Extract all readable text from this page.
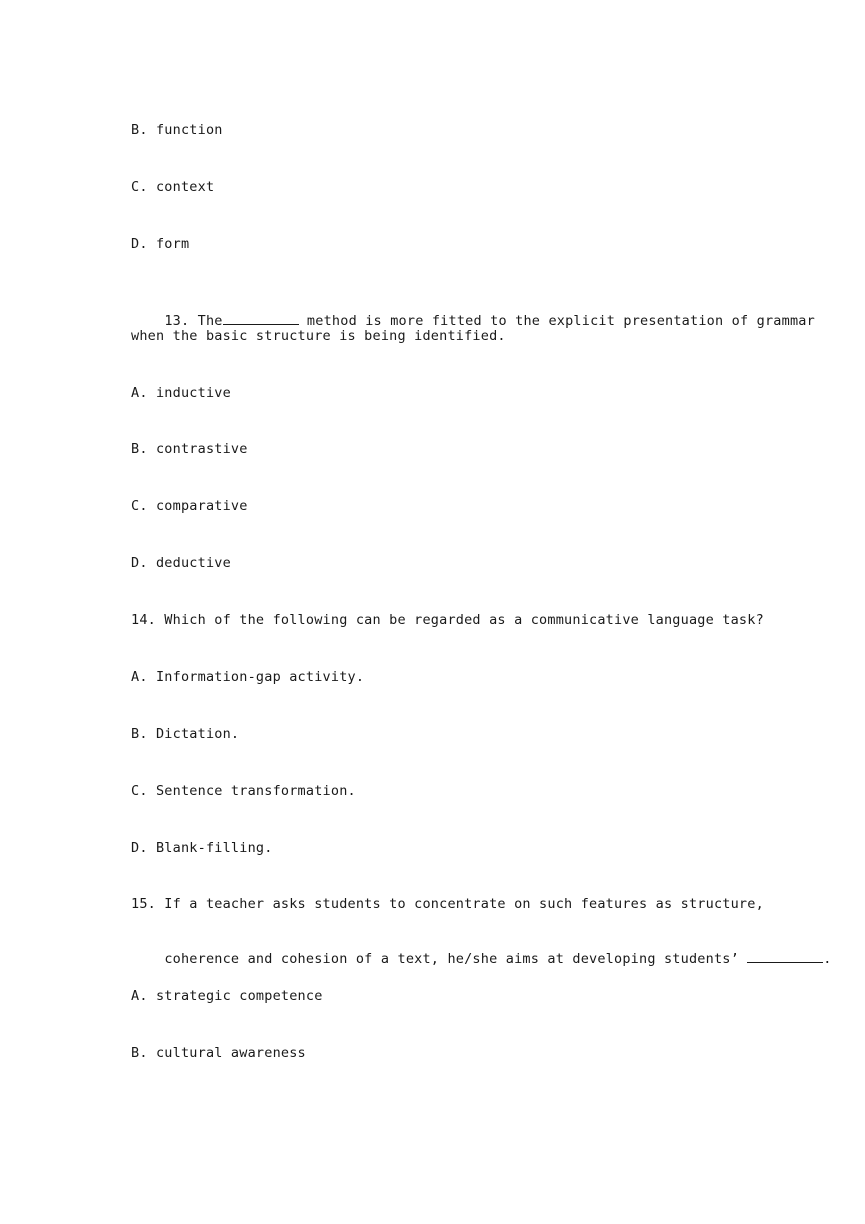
B. function
C. context
D. form

13. The	method is more fitted to the explicit presentation of grammar

when the basic structure is being identified.
A. inductive
B. contrastive
C. comparative
D. deductive
14. Which of the following can be regarded as a communicative language task?
A. Information-gap activity.
B. Dictation.
C. Sentence transformation.
D. Blank-filling.
15. If a teacher asks students to concentrate on such features as structure,

coherence and cohesion of a text, he/she aims at developing students’	.

A. strategic competence
B. cultural awareness
